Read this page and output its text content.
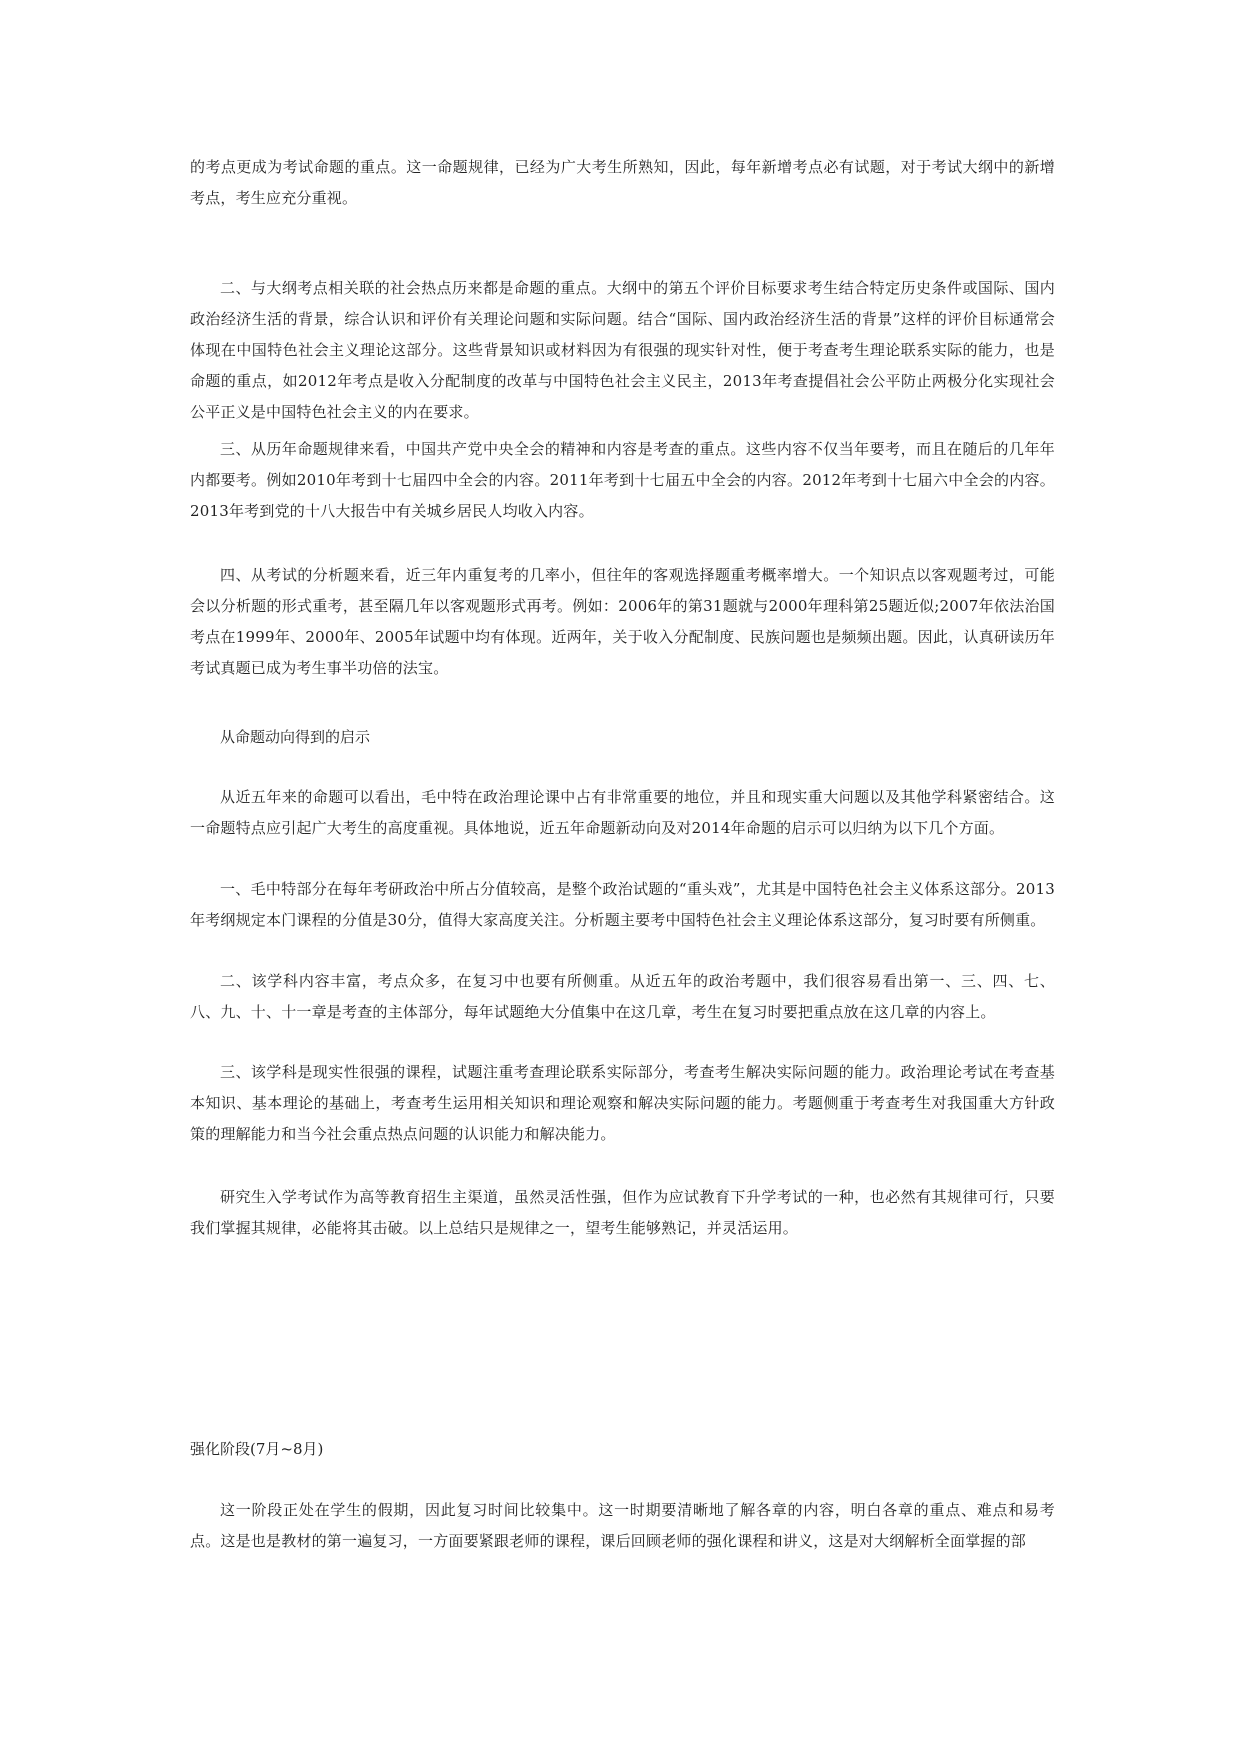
的考点更成为考试命题的重点。这一命题规律，已经为广大考生所熟知，因此，每年新增考点必有试题，对于考试大纲中的新增考点，考生应充分重视。

二、与大纲考点相关联的社会热点历来都是命题的重点。大纲中的第五个评价目标要求考生结合特定历史条件或国际、国内政治经济生活的背景，综合认识和评价有关理论问题和实际问题。结合“国际、国内政治经济生活的背景”这样的评价目标通常会体现在中国特色社会主义理论这部分。这些背景知识或材料因为有很强的现实针对性，便于考查考生理论联系实际的能力，也是命题的重点，如2012年考点是收入分配制度的改革与中国特色社会主义民主，2013年考查提倡社会公平防止两极分化实现社会公平正义是中国特色社会主义的内在要求。

三、从历年命题规律来看，中国共产党中央全会的精神和内容是考查的重点。这些内容不仅当年要考，而且在随后的几年年内都要考。例如2010年考到十七届四中全会的内容。2011年考到十七届五中全会的内容。2012年考到十七届六中全会的内容。2013年考到党的十八大报告中有关城乡居民人均收入内容。

四、从考试的分析题来看，近三年内重复考的几率小，但往年的客观选择题重考概率增大。一个知识点以客观题考过，可能会以分析题的形式重考，甚至隔几年以客观题形式再考。例如：2006年的第31题就与2000年理科第25题近似;2007年依法治国考点在1999年、2000年、2005年试题中均有体现。近两年，关于收入分配制度、民族问题也是频频出题。因此，认真研读历年考试真题已成为考生事半功倍的法宝。

从命题动向得到的启示

从近五年来的命题可以看出，毛中特在政治理论课中占有非常重要的地位，并且和现实重大问题以及其他学科紧密结合。这一命题特点应引起广大考生的高度重视。具体地说，近五年命题新动向及对2014年命题的启示可以归纳为以下几个方面。

一、毛中特部分在每年考研政治中所占分值较高，是整个政治试题的“重头戏”，尤其是中国特色社会主义体系这部分。2013年考纲规定本门课程的分值是30分，值得大家高度关注。分析题主要考中国特色社会主义理论体系这部分，复习时要有所侧重。

二、该学科内容丰富，考点众多，在复习中也要有所侧重。从近五年的政治考题中，我们很容易看出第一、三、四、七、八、九、十、十一章是考查的主体部分，每年试题绝大分值集中在这几章，考生在复习时要把重点放在这几章的内容上。

三、该学科是现实性很强的课程，试题注重考查理论联系实际部分，考查考生解决实际问题的能力。政治理论考试在考查基本知识、基本理论的基础上，考查考生运用相关知识和理论观察和解决实际问题的能力。考题侧重于考查考生对我国重大方针政策的理解能力和当今社会重点热点问题的认识能力和解决能力。

研究生入学考试作为高等教育招生主渠道，虽然灵活性强，但作为应试教育下升学考试的一种，也必然有其规律可行，只要我们掌握其规律，必能将其击破。以上总结只是规律之一，望考生能够熟记，并灵活运用。

强化阶段(7月~8月)

这一阶段正处在学生的假期，因此复习时间比较集中。这一时期要清晰地了解各章的内容，明白各章的重点、难点和易考点。这是也是教材的第一遍复习，一方面要紧跟老师的课程，课后回顾老师的强化课程和讲义，这是对大纲解析全面掌握的部
